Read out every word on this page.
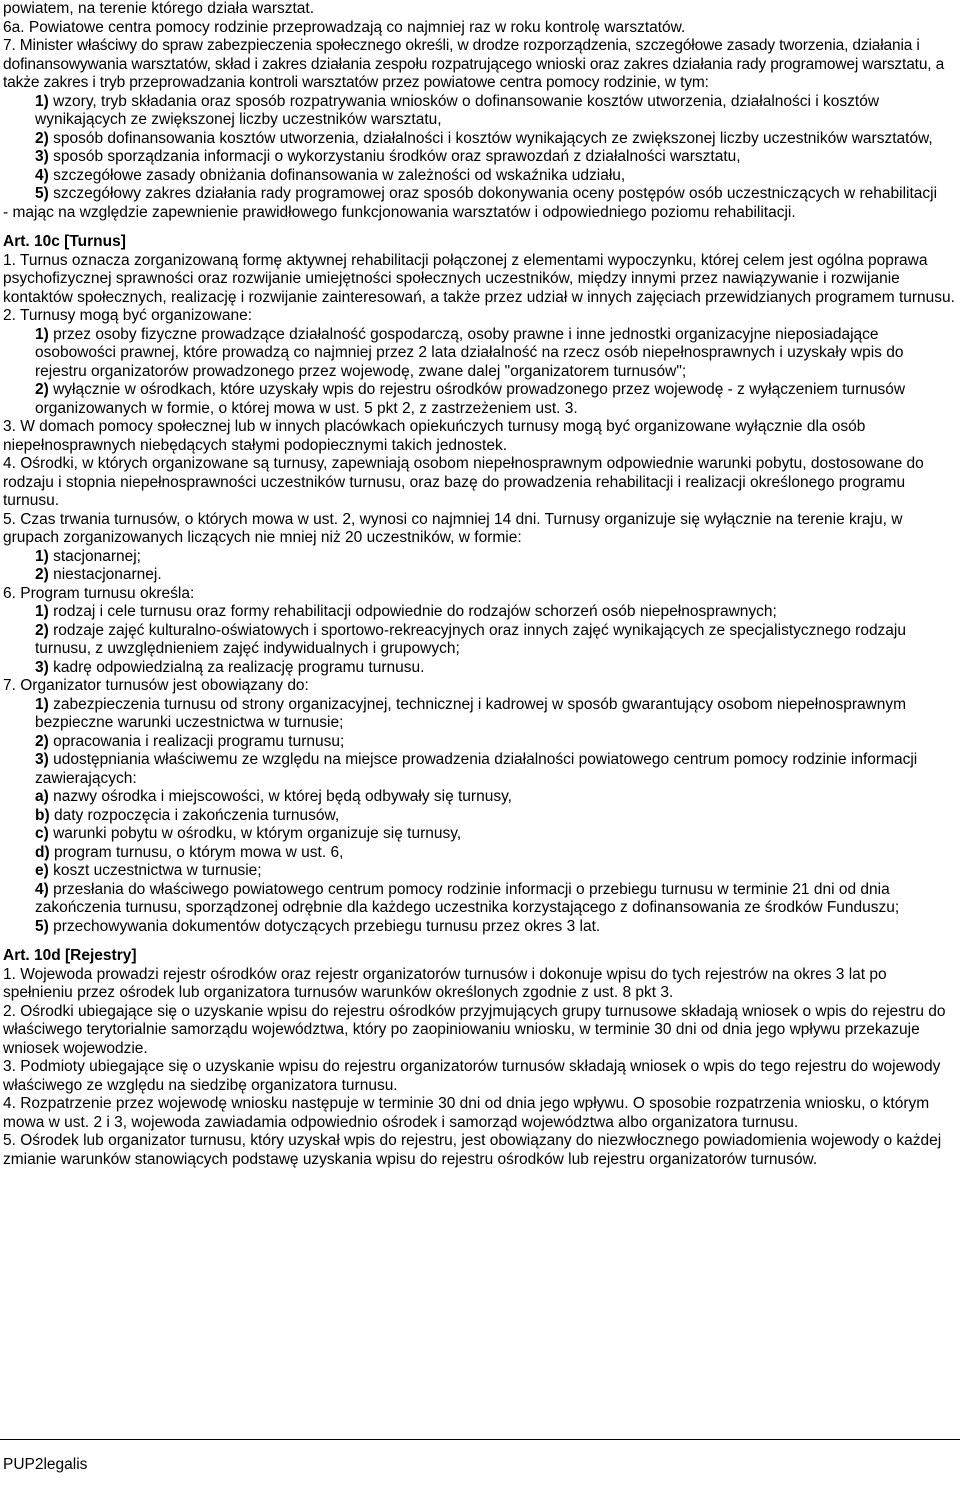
powiatem, na terenie którego działa warsztat.

6a. Powiatowe centra pomocy rodzinie przeprowadzają co najmniej raz w roku kontrolę warsztatów.

7. Minister właściwy do spraw zabezpieczenia społecznego określi, w drodze rozporządzenia, szczegółowe zasady tworzenia, działania i dofinansowywania warsztatów, skład i zakres działania zespołu rozpatrującego wnioski oraz zakres działania rady programowej warsztatu, a także zakres i tryb przeprowadzania kontroli warsztatów przez powiatowe centra pomocy rodzinie, w tym:

1) wzory, tryb składania oraz sposób rozpatrywania wniosków o dofinansowanie kosztów utworzenia, działalności i kosztów wynikających ze zwiększonej liczby uczestników warsztatu,
2) sposób dofinansowania kosztów utworzenia, działalności i kosztów wynikających ze zwiększonej liczby uczestników warsztatów,
3) sposób sporządzania informacji o wykorzystaniu środków oraz sprawozdań z działalności warsztatu,
4) szczegółowe zasady obniżania dofinansowania w zależności od wskaźnika udziału,
5) szczegółowy zakres działania rady programowej oraz sposób dokonywania oceny postępów osób uczestniczących w rehabilitacji

- mając na względzie zapewnienie prawidłowego funkcjonowania warsztatów i odpowiedniego poziomu rehabilitacji.

Art. 10c [Turnus]

1. Turnus oznacza zorganizowaną formę aktywnej rehabilitacji połączonej z elementami wypoczynku, której celem jest ogólna poprawa psychofizycznej sprawności oraz rozwijanie umiejętności społecznych uczestników, między innymi przez nawiązywanie i rozwijanie kontaktów społecznych, realizację i rozwijanie zainteresowań, a także przez udział w innych zajęciach przewidzianych programem turnusu.

2. Turnusy mogą być organizowane:

1) przez osoby fizyczne prowadzące działalność gospodarczą, osoby prawne i inne jednostki organizacyjne nieposiadające osobowości prawnej, które prowadzą co najmniej przez 2 lata działalność na rzecz osób niepełnosprawnych i uzyskały wpis do rejestru organizatorów prowadzonego przez wojewodę, zwane dalej "organizatorem turnusów";
2) wyłącznie w ośrodkach, które uzyskały wpis do rejestru ośrodków prowadzonego przez wojewodę - z wyłączeniem turnusów organizowanych w formie, o której mowa w ust. 5 pkt 2, z zastrzeżeniem ust. 3.

3. W domach pomocy społecznej lub w innych placówkach opiekuńczych turnusy mogą być organizowane wyłącznie dla osób niepełnosprawnych niebędących stałymi podopiecznymi takich jednostek.

4. Ośrodki, w których organizowane są turnusy, zapewniają osobom niepełnosprawnym odpowiednie warunki pobytu, dostosowane do rodzaju i stopnia niepełnosprawności uczestników turnusu, oraz bazę do prowadzenia rehabilitacji i realizacji określonego programu turnusu.

5. Czas trwania turnusów, o których mowa w ust. 2, wynosi co najmniej 14 dni. Turnusy organizuje się wyłącznie na terenie kraju, w grupach zorganizowanych liczących nie mniej niż 20 uczestników, w formie:

1) stacjonarnej;
2) niestacjonarnej.

6. Program turnusu określa:

1) rodzaj i cele turnusu oraz formy rehabilitacji odpowiednie do rodzajów schorzeń osób niepełnosprawnych;
2) rodzaje zajęć kulturalno-oświatowych i sportowo-rekreacyjnych oraz innych zajęć wynikających ze specjalistycznego rodzaju turnusu, z uwzględnieniem zajęć indywidualnych i grupowych;
3) kadrę odpowiedzialną za realizację programu turnusu.

7. Organizator turnusów jest obowiązany do:

1) zabezpieczenia turnusu od strony organizacyjnej, technicznej i kadrowej w sposób gwarantujący osobom niepełnosprawnym bezpieczne warunki uczestnictwa w turnusie;
2) opracowania i realizacji programu turnusu;
3) udostępniania właściwemu ze względu na miejsce prowadzenia działalności powiatowego centrum pomocy rodzinie informacji zawierających:
a) nazwy ośrodka i miejscowości, w której będą odbywały się turnusy,
b) daty rozpoczęcia i zakończenia turnusów,
c) warunki pobytu w ośrodku, w którym organizuje się turnusy,
d) program turnusu, o którym mowa w ust. 6,
e) koszt uczestnictwa w turnusie;
4) przesłania do właściwego powiatowego centrum pomocy rodzinie informacji o przebiegu turnusu w terminie 21 dni od dnia zakończenia turnusu, sporządzonej odrębnie dla każdego uczestnika korzystającego z dofinansowania ze środków Funduszu;
5) przechowywania dokumentów dotyczących przebiegu turnusu przez okres 3 lat.

Art. 10d [Rejestry]

1. Wojewoda prowadzi rejestr ośrodków oraz rejestr organizatorów turnusów i dokonuje wpisu do tych rejestrów na okres 3 lat po spełnieniu przez ośrodek lub organizatora turnusów warunków określonych zgodnie z ust. 8 pkt 3.

2. Ośrodki ubiegające się o uzyskanie wpisu do rejestru ośrodków przyjmujących grupy turnusowe składają wniosek o wpis do rejestru do właściwego terytorialnie samorządu województwa, który po zaopiniowaniu wniosku, w terminie 30 dni od dnia jego wpływu przekazuje wniosek wojewodzie.

3. Podmioty ubiegające się o uzyskanie wpisu do rejestru organizatorów turnusów składają wniosek o wpis do tego rejestru do wojewody właściwego ze względu na siedzibę organizatora turnusu.

4. Rozpatrzenie przez wojewodę wniosku następuje w terminie 30 dni od dnia jego wpływu. O sposobie rozpatrzenia wniosku, o którym mowa w ust. 2 i 3, wojewoda zawiadamia odpowiednio ośrodek i samorząd województwa albo organizatora turnusu.

5. Ośrodek lub organizator turnusu, który uzyskał wpis do rejestru, jest obowiązany do niezwłocznego powiadomienia wojewody o każdej zmianie warunków stanowiących podstawę uzyskania wpisu do rejestru ośrodków lub rejestru organizatorów turnusów.

PUP2legalis
